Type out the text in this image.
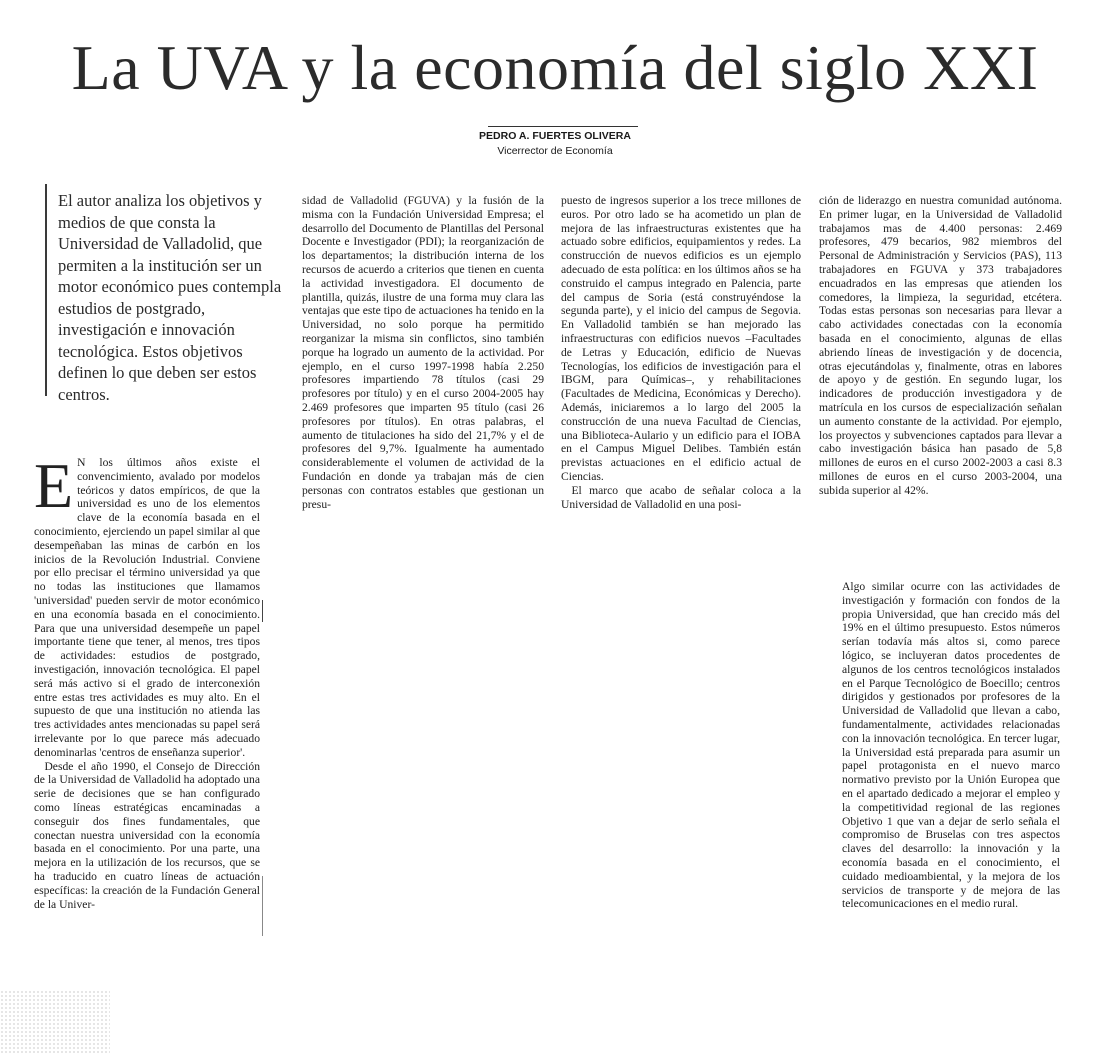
La UVA y la economía del siglo XXI
PEDRO A. FUERTES OLIVERA
Vicerrector de Economía

El autor analiza los objetivos y medios de que consta la Universidad de Valladolid, que permiten a la institución ser un motor económico pues contempla estudios de postgrado, investigación e innovación tecnológica. Estos objetivos definen lo que deben ser estos centros.

E N los últimos años existe el convencimiento, avalado por modelos teóricos y datos empíricos, de que la universidad es uno de los elementos clave de la economía basada en el conocimiento, ejerciendo un papel similar al que desempeñaban las minas de carbón en los inicios de la Revolución Industrial. Conviene por ello precisar el término universidad ya que no todas las instituciones que llamamos 'universidad' pueden servir de motor económico en una economía basada en el conocimiento. Para que una universidad desempeñe un papel importante tiene que tener, al menos, tres tipos de actividades: estudios de postgrado, investigación, innovación tecnológica. El papel será más activo si el grado de interconexión entre estas tres actividades es muy alto. En el supuesto de que una institución no atienda las tres actividades antes mencionadas su papel será irrelevante por lo que parece más adecuado denominarlas 'centros de enseñanza superior'.

Desde el año 1990, el Consejo de Dirección de la Universidad de Valladolid ha adoptado una serie de decisiones que se han configurado como líneas estratégicas encaminadas a conseguir dos fines fundamentales, que conectan nuestra universidad con la economía basada en el conocimiento. Por una parte, una mejora en la utilización de los recursos, que se ha traducido en cuatro líneas de actuación específicas: la creación de la Fundación General de la Univer-

sidad de Valladolid (FGUVA) y la fusión de la misma con la Fundación Universidad Empresa; el desarrollo del Documento de Plantillas del Personal Docente e Investigador (PDI); la reorganización de los departamentos; la distribución interna de los recursos de acuerdo a criterios que tienen en cuenta la actividad investigadora. El documento de plantilla, quizás, ilustre de una forma muy clara las ventajas que este tipo de actuaciones ha tenido en la Universidad, no solo porque ha permitido reorganizar la misma sin conflictos, sino también porque ha logrado un aumento de la actividad. Por ejemplo, en el curso 1997-1998 había 2.250 profesores impartiendo 78 títulos (casi 29 profesores por título) y en el curso 2004-2005 hay 2.469 profesores que imparten 95 título (casi 26 profesores por títulos). En otras palabras, el aumento de titulaciones ha sido del 21,7% y el de profesores del 9,7%. Igualmente ha aumentado considerablemente el volumen de actividad de la Fundación en donde ya trabajan más de cien personas con contratos estables que gestionan un presu-

puesto de ingresos superior a los trece millones de euros. Por otro lado se ha acometido un plan de mejora de las infraestructuras existentes que ha actuado sobre edificios, equipamientos y redes. La construcción de nuevos edificios es un ejemplo adecuado de esta política: en los últimos años se ha construido el campus integrado en Palencia, parte del campus de Soria (está construyéndose la segunda parte), y el inicio del campus de Segovia. En Valladolid también se han mejorado las infraestructuras con edificios nuevos –Facultades de Letras y Educación, edificio de Nuevas Tecnologías, los edificios de investigación para el IBGM, para Químicas–, y rehabilitaciones (Facultades de Medicina, Económicas y Derecho). Además, iniciaremos a lo largo del 2005 la construcción de una nueva Facultad de Ciencias, una Biblioteca-Aulario y un edificio para el IOBA en el Campus Miguel Delibes. También están previstas actuaciones en el edificio actual de Ciencias.

El marco que acabo de señalar coloca a la Universidad de Valladolid en una posi-

ción de liderazgo en nuestra comunidad autónoma. En primer lugar, en la Universidad de Valladolid trabajamos mas de 4.400 personas: 2.469 profesores, 479 becarios, 982 miembros del Personal de Administración y Servicios (PAS), 113 trabajadores en FGUVA y 373 trabajadores encuadrados en las empresas que atienden los comedores, la limpieza, la seguridad, etcétera. Todas estas personas son necesarias para llevar a cabo actividades conectadas con la economía basada en el conocimiento, algunas de ellas abriendo líneas de investigación y de docencia, otras ejecutándolas y, finalmente, otras en labores de apoyo y de gestión. En segundo lugar, los indicadores de producción investigadora y de matrícula en los cursos de especialización señalan un aumento constante de la actividad. Por ejemplo, los proyectos y subvenciones captados para llevar a cabo investigación básica han pasado de 5,8 millones de euros en el curso 2002-2003 a casi 8.3 millones de euros en el curso 2003-2004, una subida superior al 42%.

Algo similar ocurre con las actividades de investigación y formación con fondos de la propia Universidad, que han crecido más del 19% en el último presupuesto. Estos números serían todavía más altos si, como parece lógico, se incluyeran datos procedentes de algunos de los centros tecnológicos instalados en el Parque Tecnológico de Boecillo; centros dirigidos y gestionados por profesores de la Universidad de Valladolid que llevan a cabo, fundamentalmente, actividades relacionadas con la innovación tecnológica. En tercer lugar, la Universidad está preparada para asumir un papel protagonista en el nuevo marco normativo previsto por la Unión Europea que en el apartado dedicado a mejorar el empleo y la competitividad regional de las regiones Objetivo 1 que van a dejar de serlo señala el compromiso de Bruselas con tres aspectos claves del desarrollo: la innovación y la economía basada en el conocimiento, el cuidado medioambiental, y la mejora de los servicios de transporte y de mejora de las telecomunicaciones en el medio rural.
